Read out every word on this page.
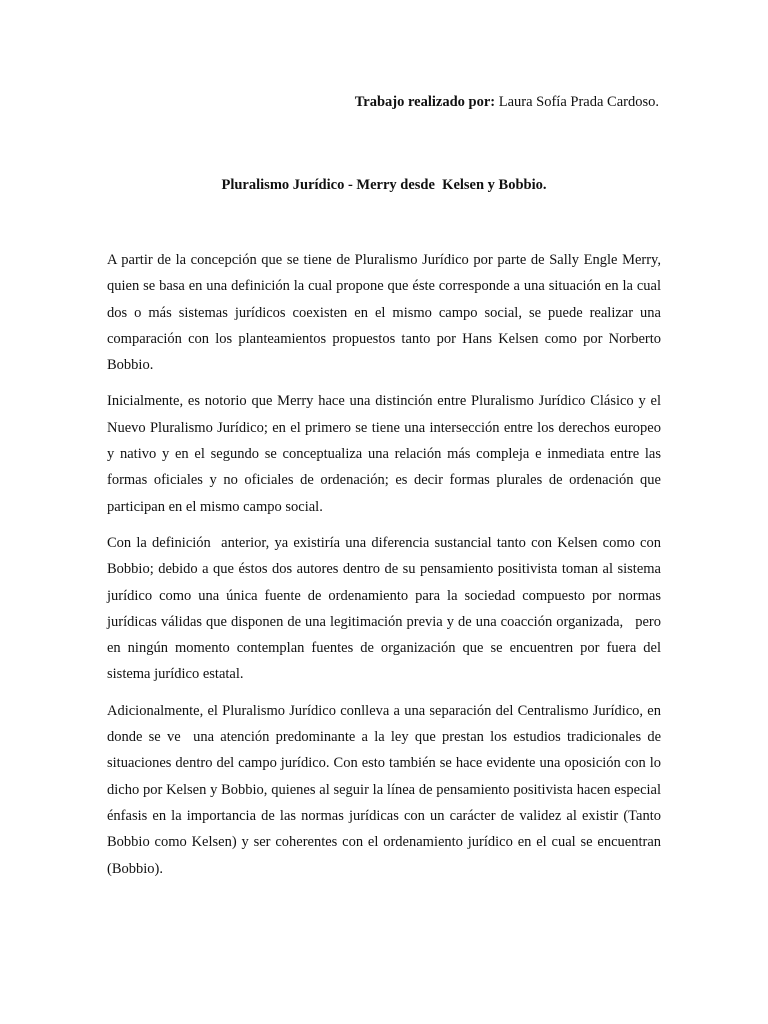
Trabajo realizado por: Laura Sofía Prada Cardoso.

Pluralismo Jurídico - Merry desde  Kelsen y Bobbio.

A partir de la concepción que se tiene de Pluralismo Jurídico por parte de Sally Engle Merry, quien se basa en una definición la cual propone que éste corresponde a una situación en la cual dos o más sistemas jurídicos coexisten en el mismo campo social, se puede realizar una comparación con los planteamientos propuestos tanto por Hans Kelsen como por Norberto Bobbio.

Inicialmente, es notorio que Merry hace una distinción entre Pluralismo Jurídico Clásico y el Nuevo Pluralismo Jurídico; en el primero se tiene una intersección entre los derechos europeo y nativo y en el segundo se conceptualiza una relación más compleja e inmediata entre las formas oficiales y no oficiales de ordenación; es decir formas plurales de ordenación que participan en el mismo campo social.

Con la definición  anterior, ya existiría una diferencia sustancial tanto con Kelsen como con Bobbio; debido a que éstos dos autores dentro de su pensamiento positivista toman al sistema jurídico como una única fuente de ordenamiento para la sociedad compuesto por normas jurídicas válidas que disponen de una legitimación previa y de una coacción organizada,   pero en ningún momento contemplan fuentes de organización que se encuentren por fuera del sistema jurídico estatal.

Adicionalmente, el Pluralismo Jurídico conlleva a una separación del Centralismo Jurídico, en donde se ve  una atención predominante a la ley que prestan los estudios tradicionales de situaciones dentro del campo jurídico. Con esto también se hace evidente una oposición con lo dicho por Kelsen y Bobbio, quienes al seguir la línea de pensamiento positivista hacen especial énfasis en la importancia de las normas jurídicas con un carácter de validez al existir (Tanto Bobbio como Kelsen) y ser coherentes con el ordenamiento jurídico en el cual se encuentran (Bobbio).
